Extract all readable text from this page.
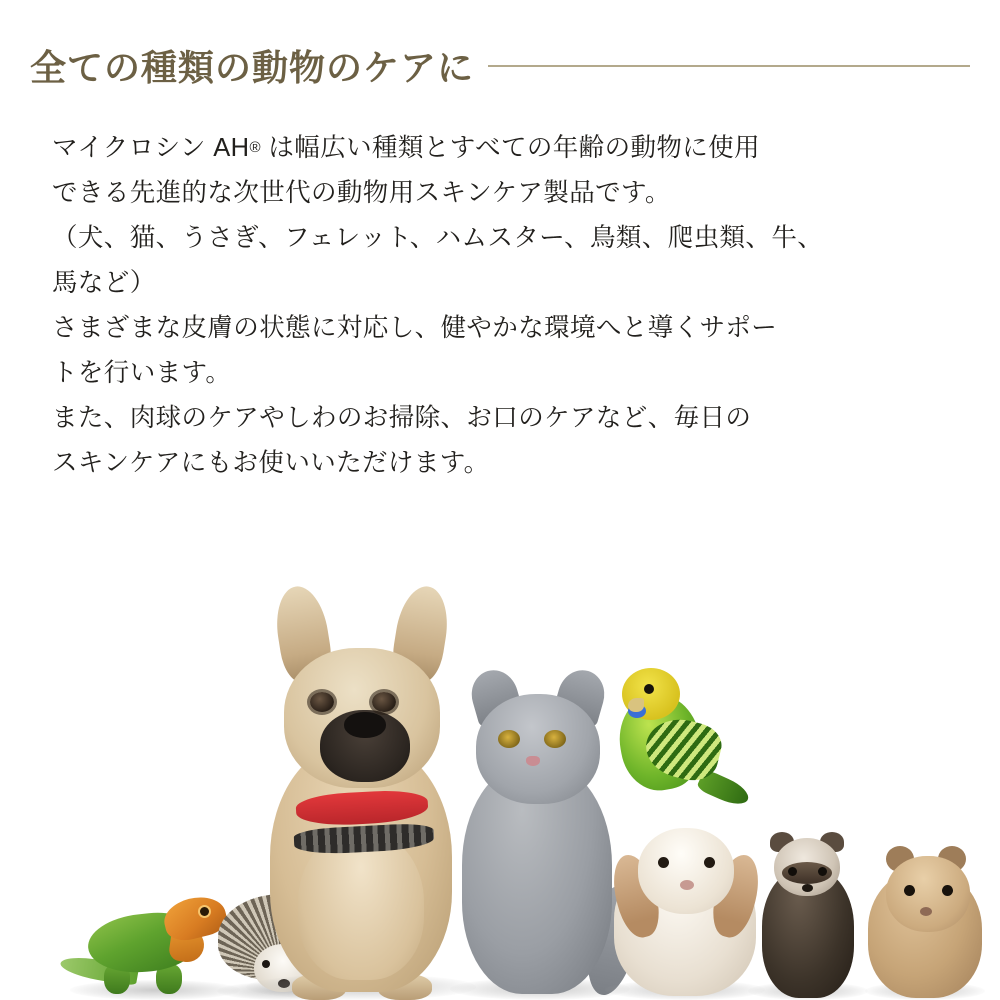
全ての種類の動物のケアに

マイクロシン AH® は幅広い種類とすべての年齢の動物に使用

できる先進的な次世代の動物用スキンケア製品です。

（犬、猫、うさぎ、フェレット、ハムスター、鳥類、爬虫類、牛、

馬など）

さまざまな皮膚の状態に対応し、健やかな環境へと導くサポー

トを行います。

また、肉球のケアやしわのお掃除、お口のケアなど、毎日の

スキンケアにもお使いいただけます。
